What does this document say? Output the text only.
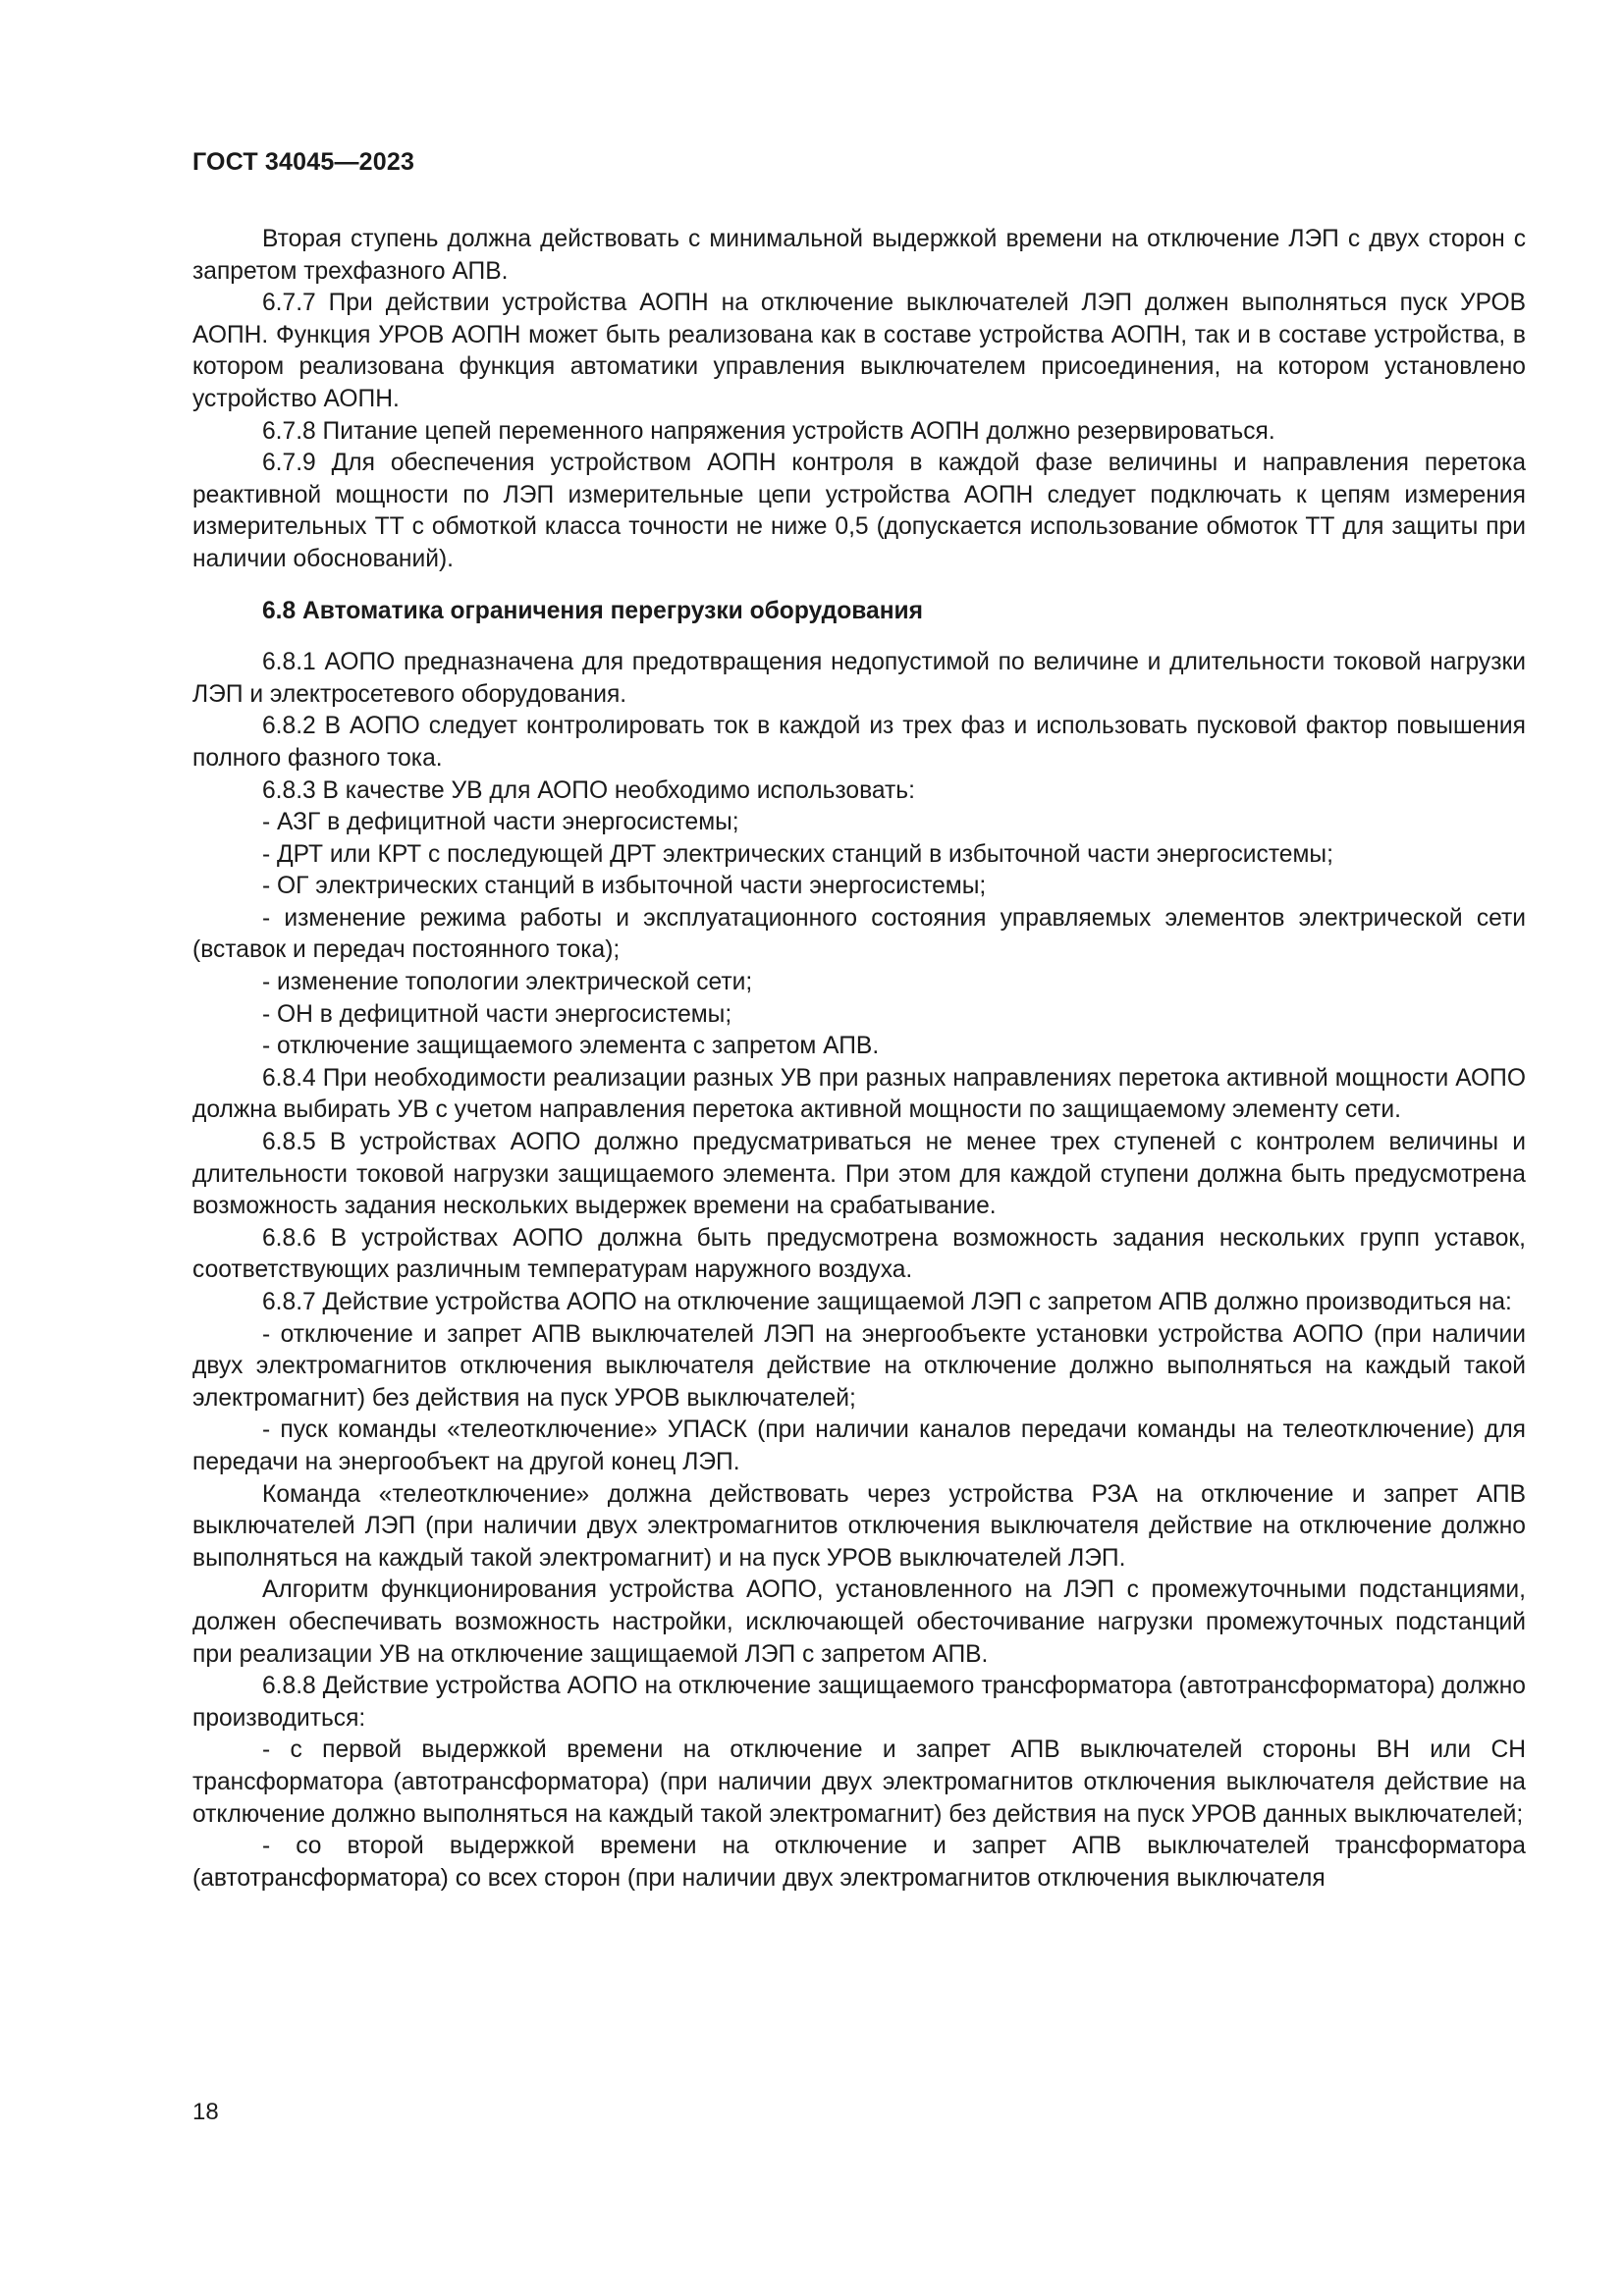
ГОСТ 34045—2023

Вторая ступень должна действовать с минимальной выдержкой времени на отключение ЛЭП с двух сторон с запретом трехфазного АПВ.

6.7.7 При действии устройства АОПН на отключение выключателей ЛЭП должен выполняться пуск УРОВ АОПН. Функция УРОВ АОПН может быть реализована как в составе устройства АОПН, так и в составе устройства, в котором реализована функция автоматики управления выключателем присоединения, на котором установлено устройство АОПН.

6.7.8 Питание цепей переменного напряжения устройств АОПН должно резервироваться.

6.7.9 Для обеспечения устройством АОПН контроля в каждой фазе величины и направления перетока реактивной мощности по ЛЭП измерительные цепи устройства АОПН следует подключать к цепям измерения измерительных ТТ с обмоткой класса точности не ниже 0,5 (допускается использование обмоток ТТ для защиты при наличии обоснований).

6.8 Автоматика ограничения перегрузки оборудования

6.8.1 АОПО предназначена для предотвращения недопустимой по величине и длительности токовой нагрузки ЛЭП и электросетевого оборудования.

6.8.2 В АОПО следует контролировать ток в каждой из трех фаз и использовать пусковой фактор повышения полного фазного тока.

6.8.3 В качестве УВ для АОПО необходимо использовать:

- АЗГ в дефицитной части энергосистемы;

- ДРТ или КРТ с последующей ДРТ электрических станций в избыточной части энергосистемы;

- ОГ электрических станций в избыточной части энергосистемы;

- изменение режима работы и эксплуатационного состояния управляемых элементов электрической сети (вставок и передач постоянного тока);

- изменение топологии электрической сети;

- ОН в дефицитной части энергосистемы;

- отключение защищаемого элемента с запретом АПВ.

6.8.4 При необходимости реализации разных УВ при разных направлениях перетока активной мощности АОПО должна выбирать УВ с учетом направления перетока активной мощности по защищаемому элементу сети.

6.8.5 В устройствах АОПО должно предусматриваться не менее трех ступеней с контролем величины и длительности токовой нагрузки защищаемого элемента. При этом для каждой ступени должна быть предусмотрена возможность задания нескольких выдержек времени на срабатывание.

6.8.6 В устройствах АОПО должна быть предусмотрена возможность задания нескольких групп уставок, соответствующих различным температурам наружного воздуха.

6.8.7 Действие устройства АОПО на отключение защищаемой ЛЭП с запретом АПВ должно производиться на:

- отключение и запрет АПВ выключателей ЛЭП на энергообъекте установки устройства АОПО (при наличии двух электромагнитов отключения выключателя действие на отключение должно выполняться на каждый такой электромагнит) без действия на пуск УРОВ выключателей;

- пуск команды «телеотключение» УПАСК (при наличии каналов передачи команды на телеотключение) для передачи на энергообъект на другой конец ЛЭП.

Команда «телеотключение» должна действовать через устройства РЗА на отключение и запрет АПВ выключателей ЛЭП (при наличии двух электромагнитов отключения выключателя действие на отключение должно выполняться на каждый такой электромагнит) и на пуск УРОВ выключателей ЛЭП.

Алгоритм функционирования устройства АОПО, установленного на ЛЭП с промежуточными подстанциями, должен обеспечивать возможность настройки, исключающей обесточивание нагрузки промежуточных подстанций при реализации УВ на отключение защищаемой ЛЭП с запретом АПВ.

6.8.8 Действие устройства АОПО на отключение защищаемого трансформатора (автотрансформатора) должно производиться:

- с первой выдержкой времени на отключение и запрет АПВ выключателей стороны ВН или СН трансформатора (автотрансформатора) (при наличии двух электромагнитов отключения выключателя действие на отключение должно выполняться на каждый такой электромагнит) без действия на пуск УРОВ данных выключателей;

- со второй выдержкой времени на отключение и запрет АПВ выключателей трансформатора (автотрансформатора) со всех сторон (при наличии двух электромагнитов отключения выключателя

18
